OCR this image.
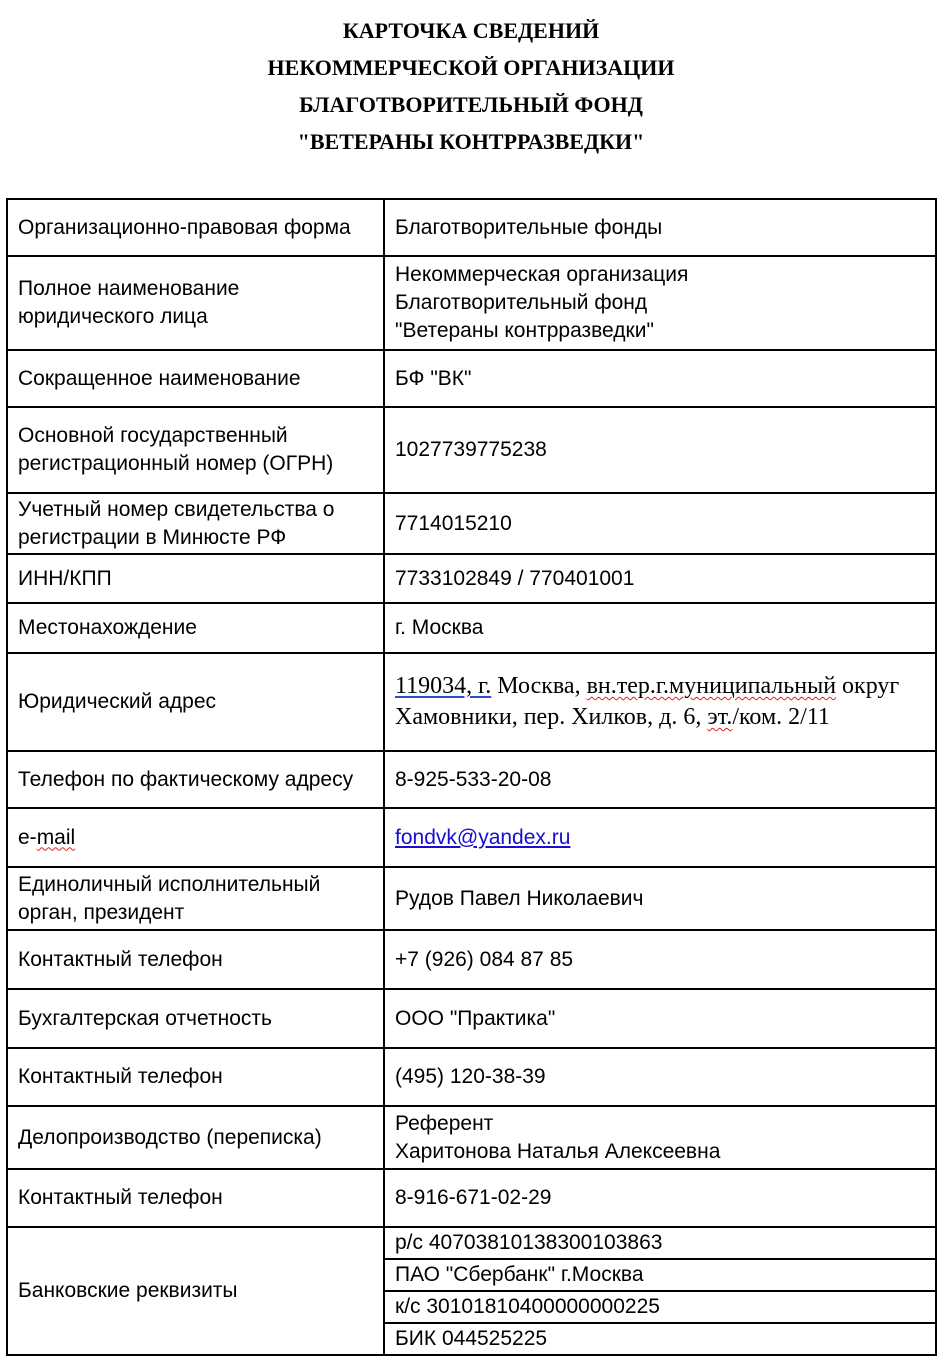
КАРТОЧКА СВЕДЕНИЙ
НЕКОММЕРЧЕСКОЙ ОРГАНИЗАЦИИ
БЛАГОТВОРИТЕЛЬНЫЙ ФОНД
"ВЕТЕРАНЫ КОНТРРАЗВЕДКИ"
Организационно-правовая форма	Благотворительные фонды
Полное наименование юридического лица	Некоммерческая организация
Благотворительный фонд
"Ветераны контрразведки"

Сокращенное наименование	БФ "ВК"
Основной государственный регистрационный номер (ОГРН)	1027739775238
Учетный номер свидетельства о регистрации в Минюсте РФ	7714015210
ИНН/КПП	7733102849 / 770401001
Местонахождение	г. Москва
Юридический адрес	119034, г. Москва, вн.тер.г.муниципальный округ Хамовники, пер. Хилков, д. 6, эт./ком. 2/11
Телефон по фактическому адресу	8-925-533-20-08
e-mail	fondvk@yandex.ru
Единоличный исполнительный орган, президент	Рудов Павел Николаевич
Контактный телефон	+7 (926) 084 87 85
Бухгалтерская отчетность	ООО "Практика"
Контактный телефон	(495) 120-38-39
Делопроизводство (переписка)	Референт
Харитонова Наталья Алексеевна

Контактный телефон	8-916-671-02-29
Банковские реквизиты	р/с 40703810138300103863
ПАО "Сбербанк" г.Москва
к/с 30101810400000000225
БИК 044525225
